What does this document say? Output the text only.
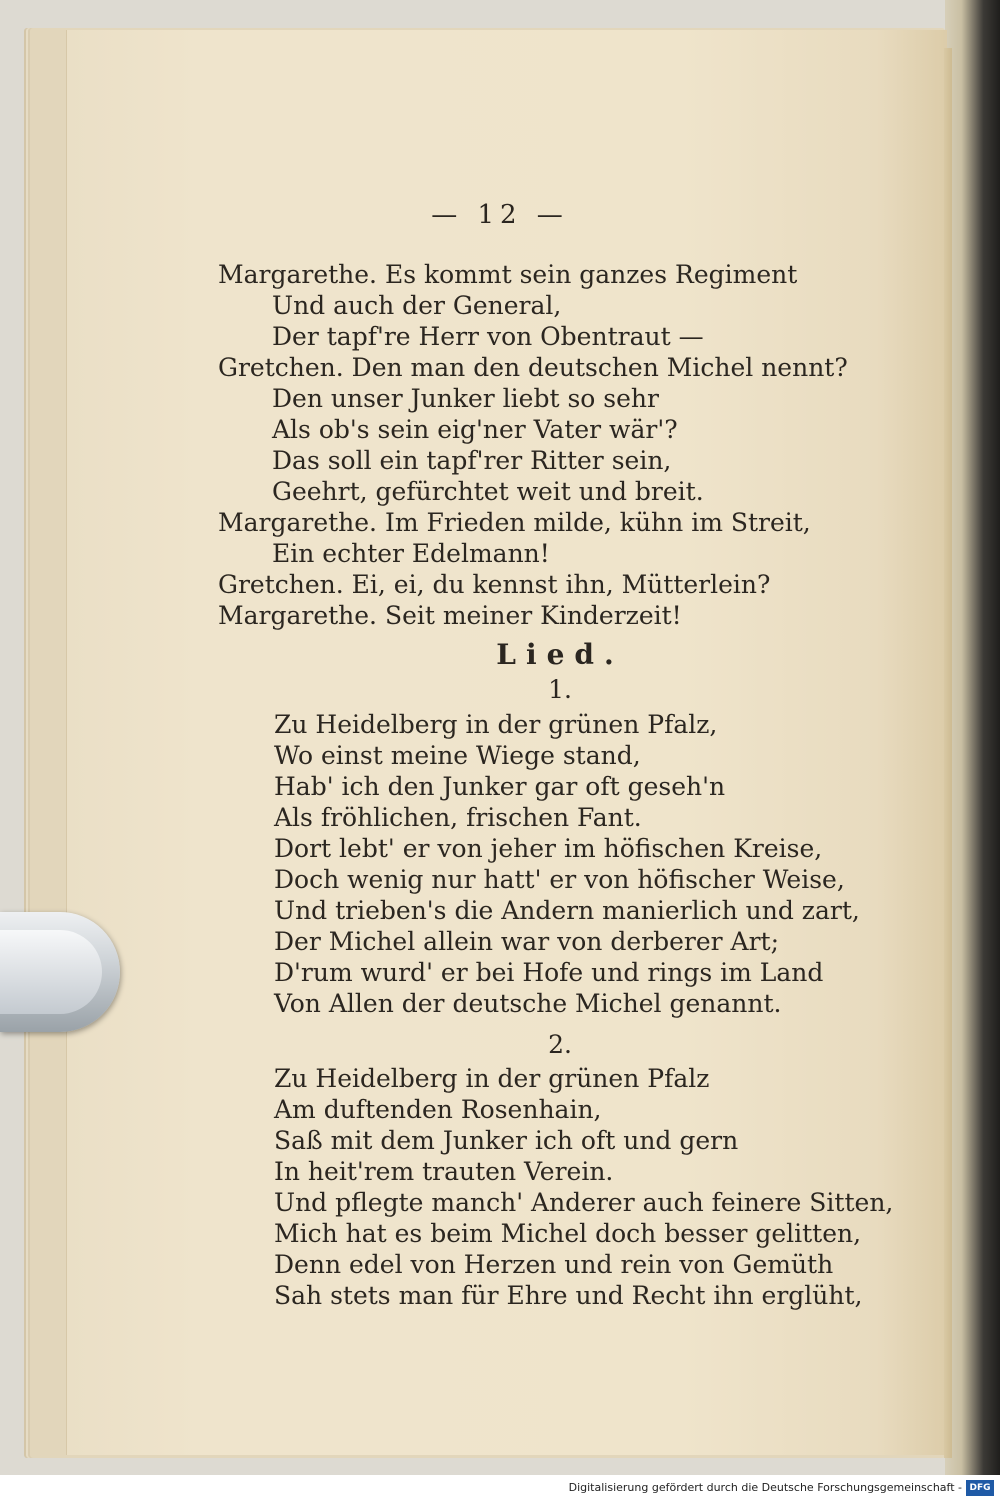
— 12 —
Margarethe. Es kommt sein ganzes Regiment
Und auch der General,
Der tapf're Herr von Obentraut —
Gretchen. Den man den deutschen Michel nennt?
Den unser Junker liebt so sehr
Als ob's sein eig'ner Vater wär'?
Das soll ein tapf'rer Ritter sein,
Geehrt, gefürchtet weit und breit.
Margarethe. Im Frieden milde, kühn im Streit,
Ein echter Edelmann!
Gretchen. Ei, ei, du kennst ihn, Mütterlein?
Margarethe. Seit meiner Kinderzeit!
Lied.
1.
Zu Heidelberg in der grünen Pfalz,
Wo einst meine Wiege stand,
Hab' ich den Junker gar oft geseh'n
Als fröhlichen, frischen Fant.
Dort lebt' er von jeher im höfischen Kreise,
Doch wenig nur hatt' er von höfischer Weise,
Und trieben's die Andern manierlich und zart,
Der Michel allein war von derberer Art;
D'rum wurd' er bei Hofe und rings im Land
Von Allen der deutsche Michel genannt.
2.
Zu Heidelberg in der grünen Pfalz
Am duftenden Rosenhain,
Saß mit dem Junker ich oft und gern
In heit'rem trauten Verein.
Und pflegte manch' Anderer auch feinere Sitten,
Mich hat es beim Michel doch besser gelitten,
Denn edel von Herzen und rein von Gemüth
Sah stets man für Ehre und Recht ihn erglüht,
Digitalisierung gefördert durch die Deutsche Forschungsgemeinschaft - DFG
